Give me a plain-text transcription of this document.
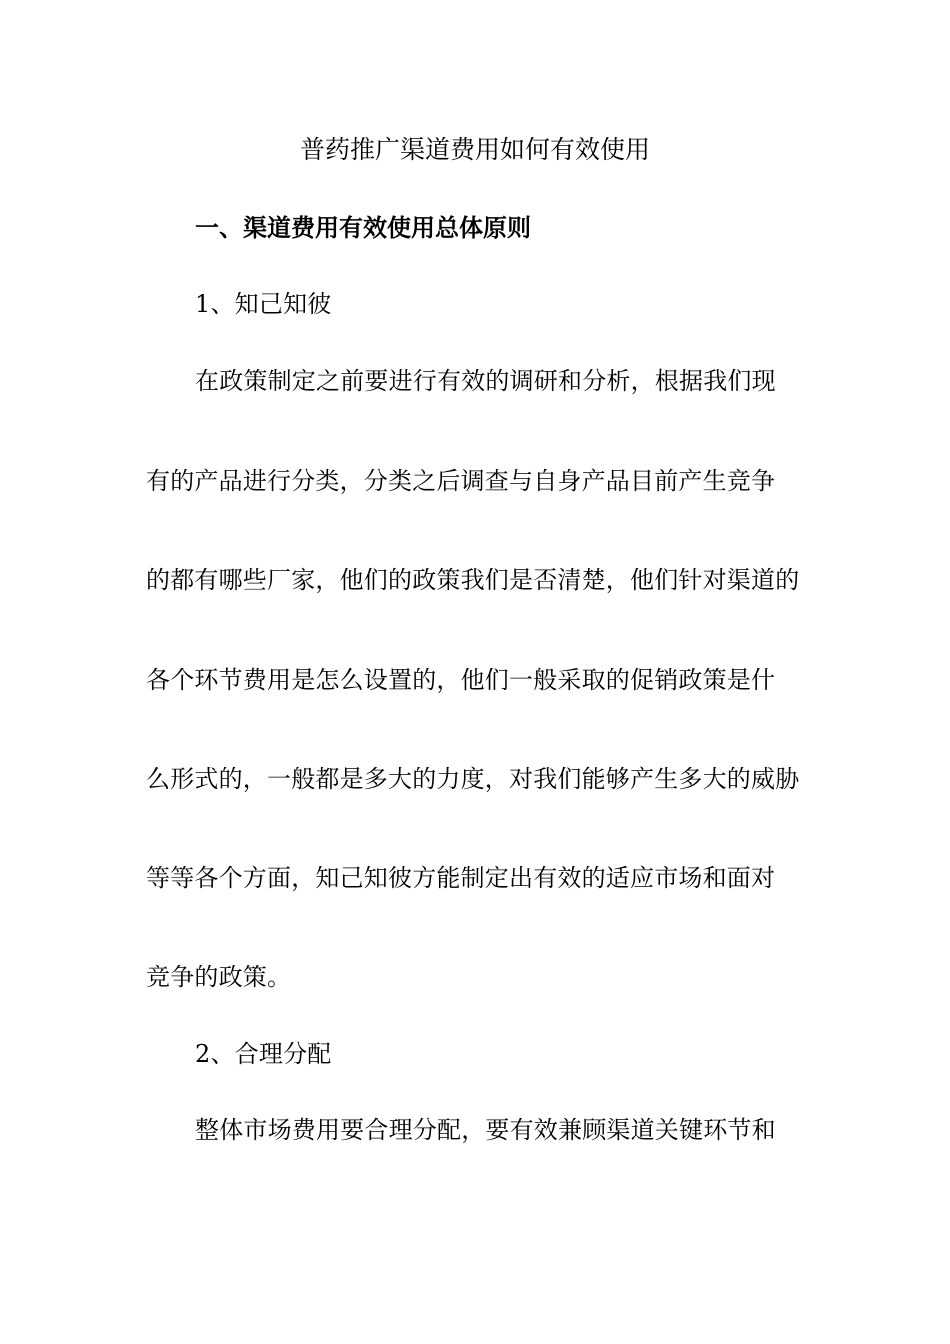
普药推广渠道费用如何有效使用
一、渠道费用有效使用总体原则
1、知己知彼
在政策制定之前要进行有效的调研和分析，根据我们现
有的产品进行分类，分类之后调查与自身产品目前产生竞争
的都有哪些厂家，他们的政策我们是否清楚，他们针对渠道的
各个环节费用是怎么设置的，他们一般采取的促销政策是什
么形式的，一般都是多大的力度，对我们能够产生多大的威胁
等等各个方面，知己知彼方能制定出有效的适应市场和面对
竞争的政策。
2、合理分配
整体市场费用要合理分配，要有效兼顾渠道关键环节和
